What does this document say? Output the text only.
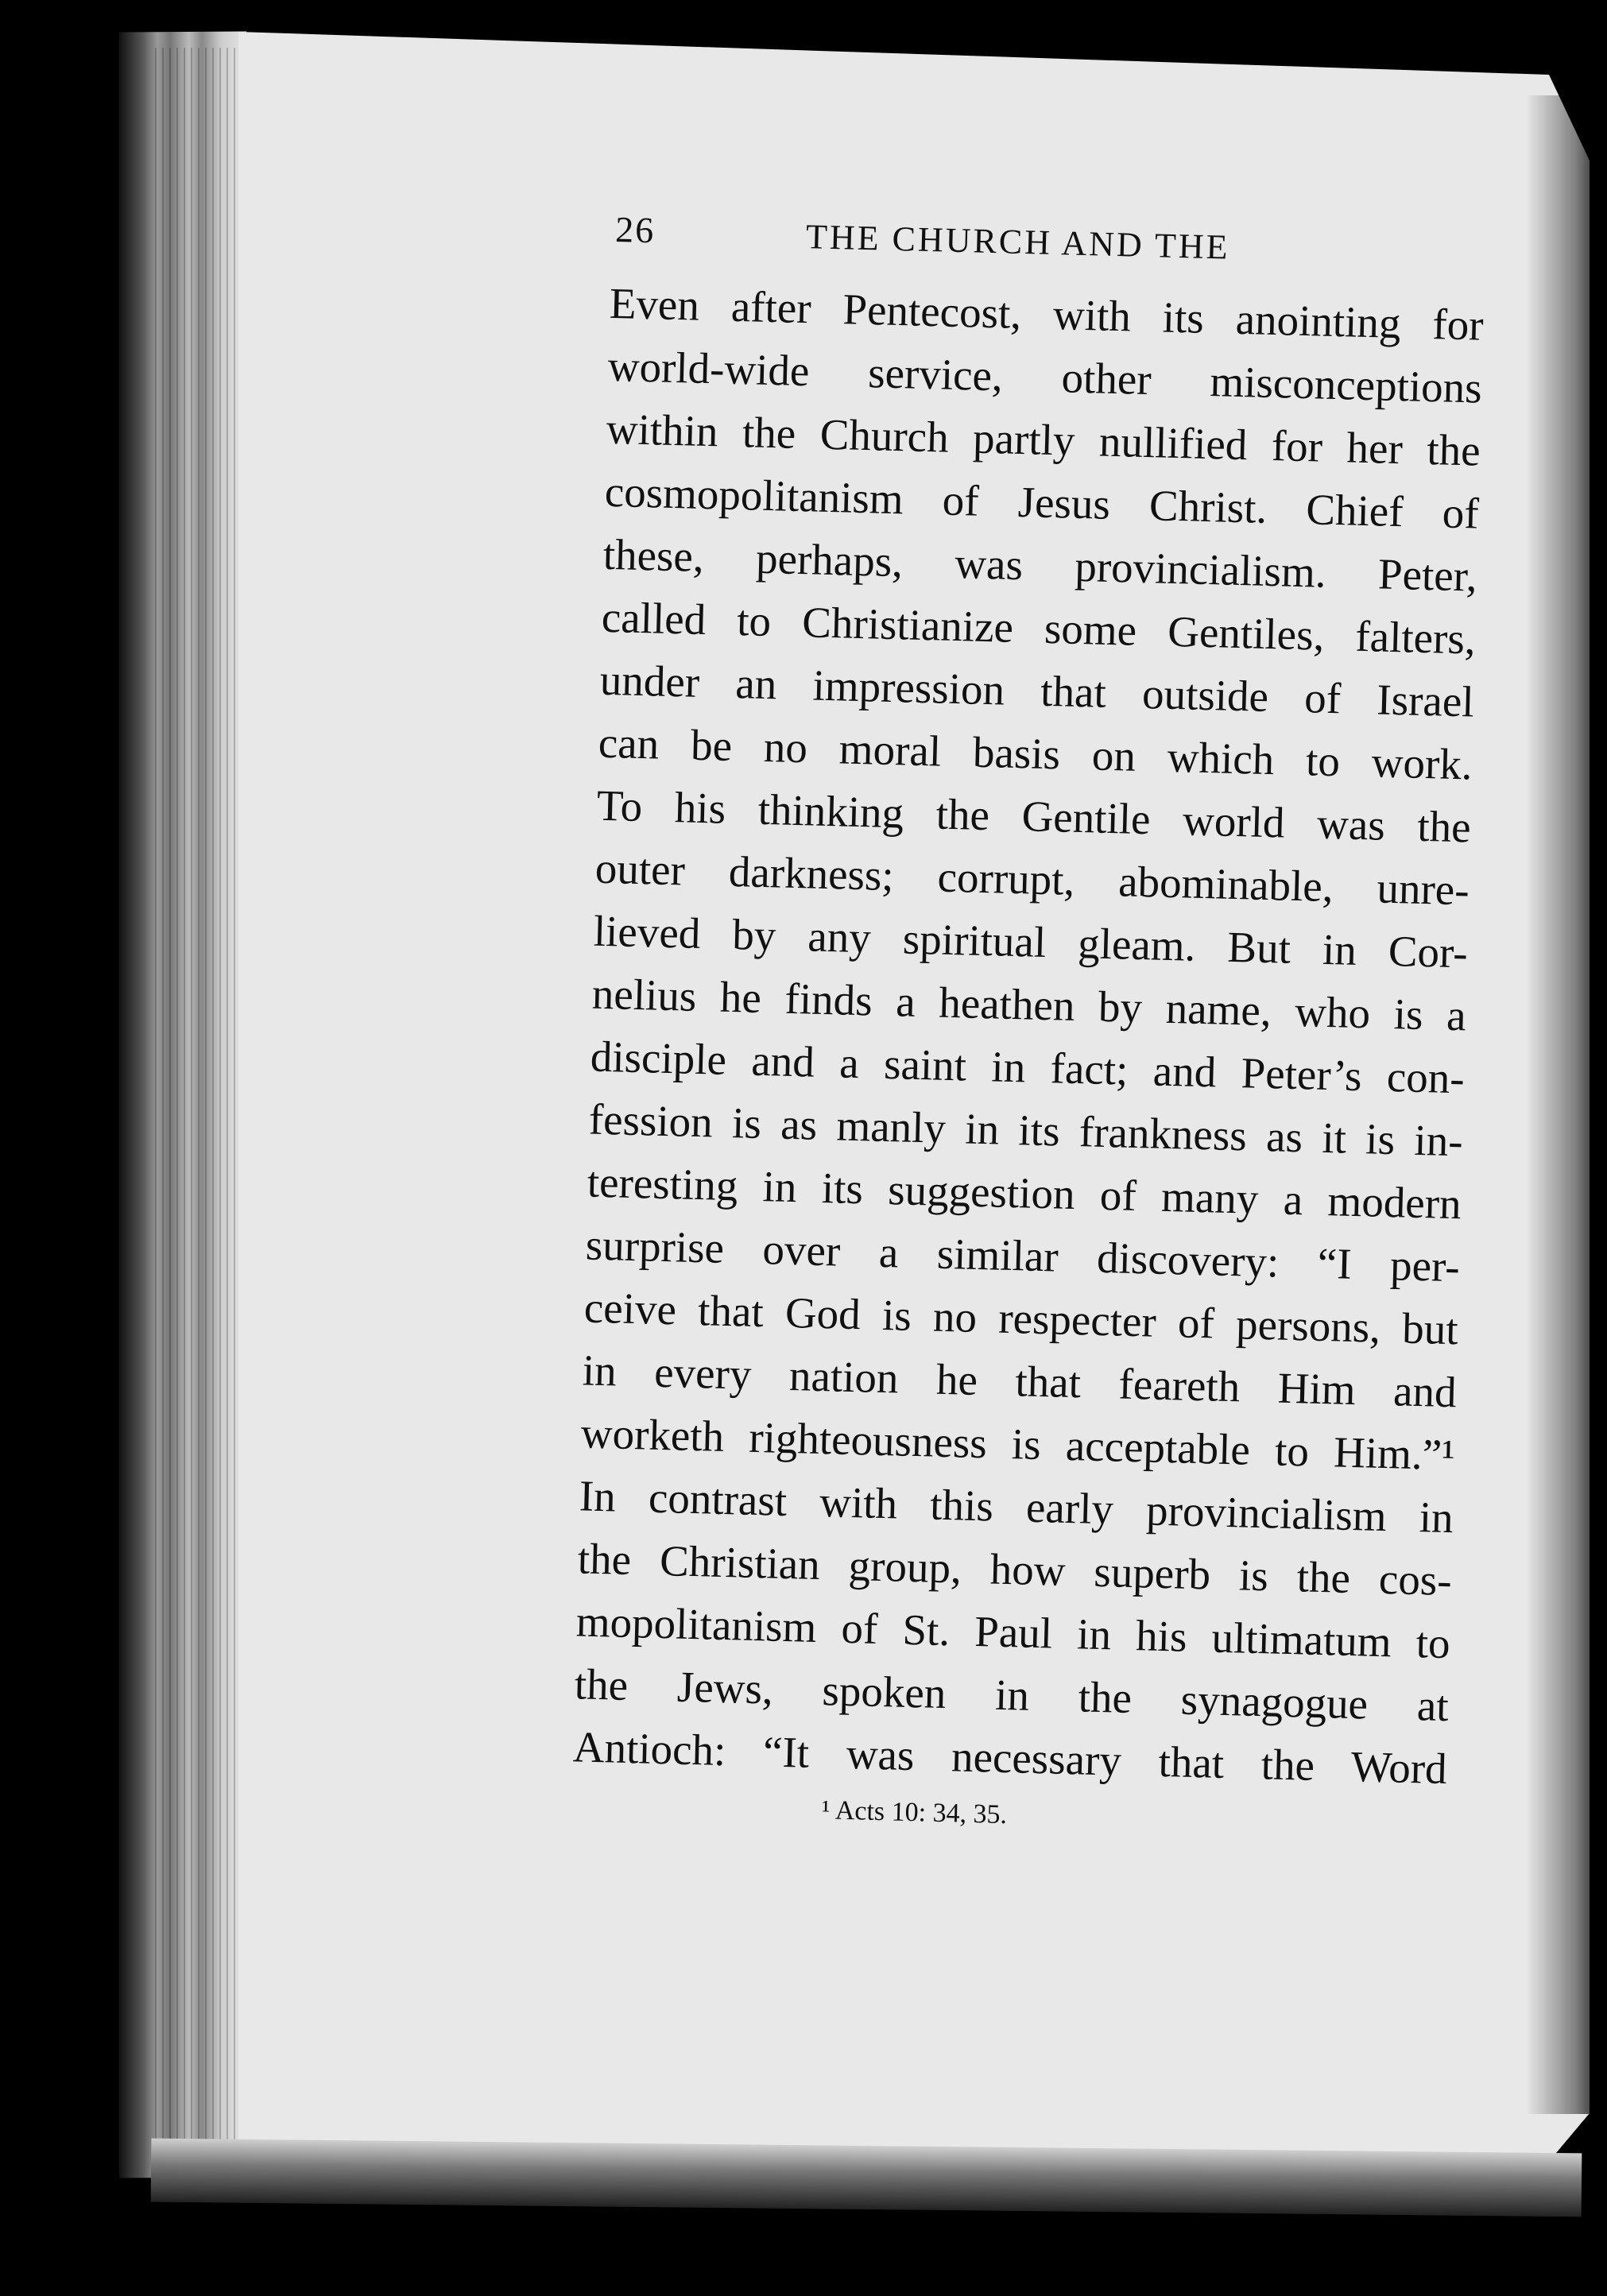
26	THE CHURCH AND THE
Even after Pentecost, with its anointing for
world-wide service, other misconceptions
within the Church partly nullified for her the
cosmopolitanism of Jesus Christ. Chief of
these, perhaps, was provincialism. Peter,
called to Christianize some Gentiles, falters,
under an impression that outside of Israel
can be no moral basis on which to work.
To his thinking the Gentile world was the
outer darkness; corrupt, abominable, unre-
lieved by any spiritual gleam. But in Cor-
nelius he finds a heathen by name, who is a
disciple and a saint in fact; and Peter’s con-
fession is as manly in its frankness as it is in-
teresting in its suggestion of many a modern
surprise over a similar discovery: “I per-
ceive that God is no respecter of persons, but
in every nation he that feareth Him and
worketh righteousness is acceptable to Him.”¹
In contrast with this early provincialism in
the Christian group, how superb is the cos-
mopolitanism of St. Paul in his ultimatum to
the Jews, spoken in the synagogue at
Antioch: “It was necessary that the Word
¹ Acts 10: 34, 35.
